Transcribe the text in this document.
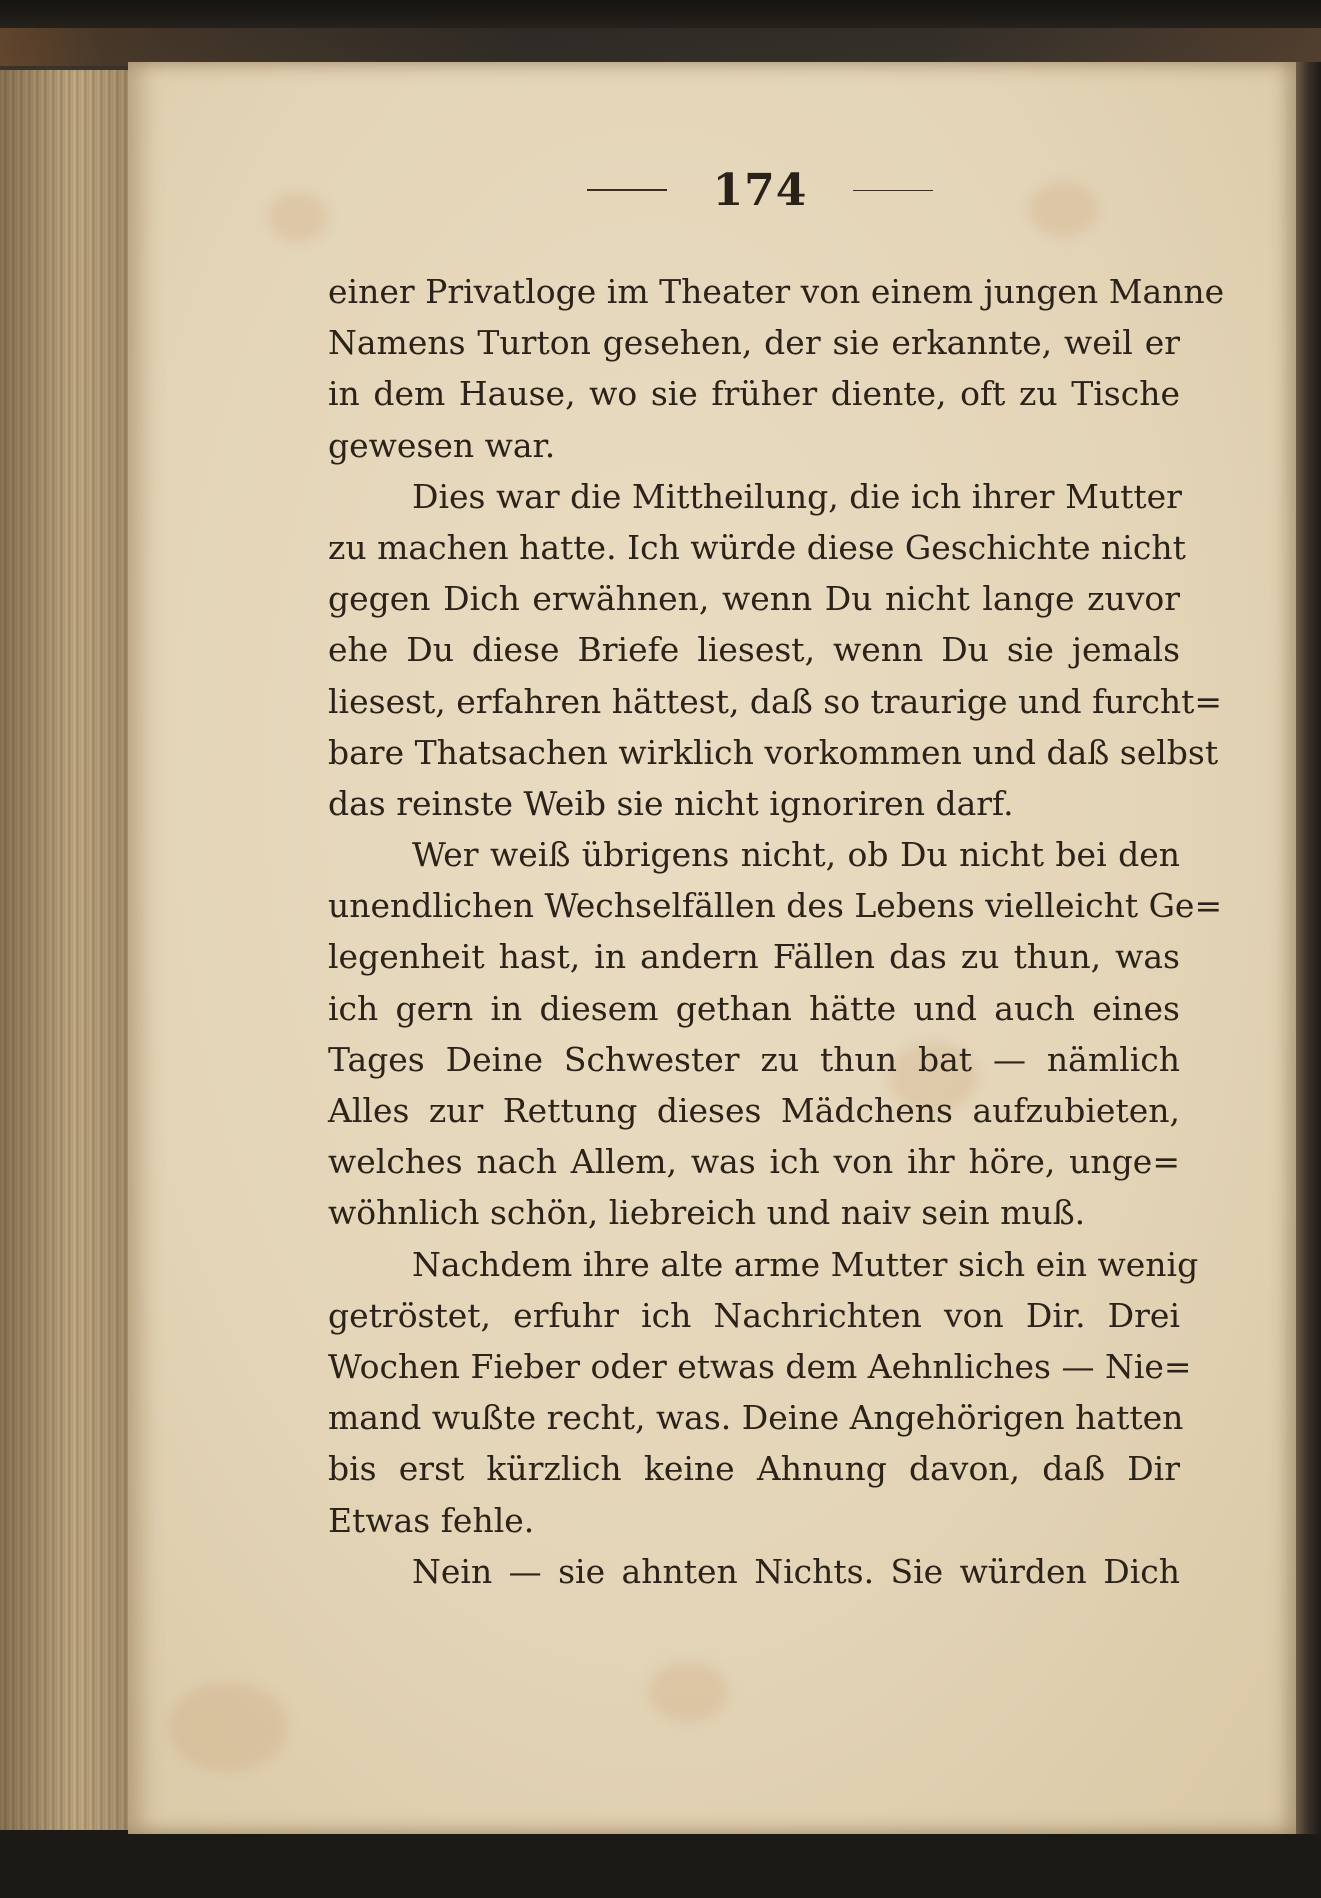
174
einer Privatloge im Theater von einem jungen Manne
Namens Turton gesehen, der sie erkannte, weil er
in dem Hause, wo sie früher diente, oft zu Tische
gewesen war.
Dies war die Mittheilung, die ich ihrer Mutter
zu machen hatte. Ich würde diese Geschichte nicht
gegen Dich erwähnen, wenn Du nicht lange zuvor
ehe Du diese Briefe liesest, wenn Du sie jemals
liesest, erfahren hättest, daß so traurige und furcht=
bare Thatsachen wirklich vorkommen und daß selbst
das reinste Weib sie nicht ignoriren darf.
Wer weiß übrigens nicht, ob Du nicht bei den
unendlichen Wechselfällen des Lebens vielleicht Ge=
legenheit hast, in andern Fällen das zu thun, was
ich gern in diesem gethan hätte und auch eines
Tages Deine Schwester zu thun bat — nämlich
Alles zur Rettung dieses Mädchens aufzubieten,
welches nach Allem, was ich von ihr höre, unge=
wöhnlich schön, liebreich und naiv sein muß.
Nachdem ihre alte arme Mutter sich ein wenig
getröstet, erfuhr ich Nachrichten von Dir. Drei
Wochen Fieber oder etwas dem Aehnliches — Nie=
mand wußte recht, was. Deine Angehörigen hatten
bis erst kürzlich keine Ahnung davon, daß Dir
Etwas fehle.
Nein — sie ahnten Nichts. Sie würden Dich
